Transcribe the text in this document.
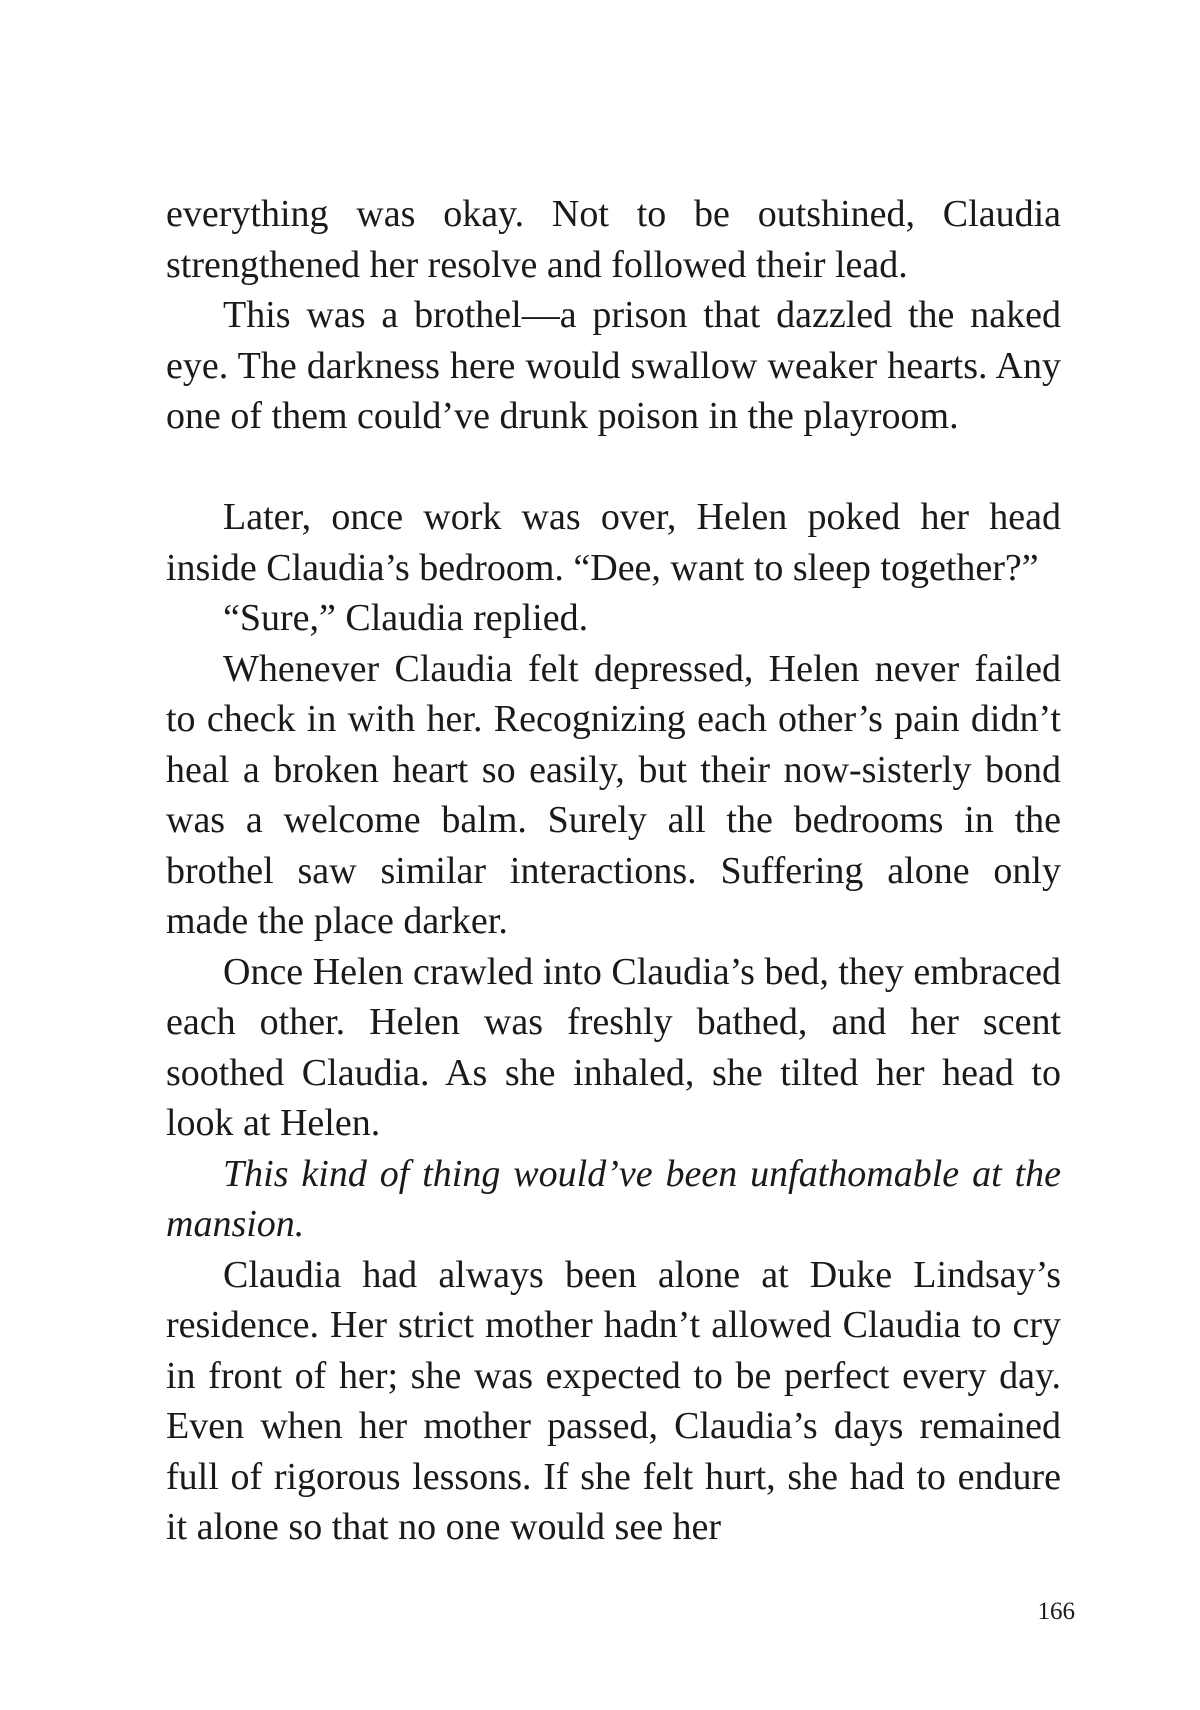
everything was okay. Not to be outshined, Claudia strengthened her resolve and followed their lead.

This was a brothel—a prison that dazzled the naked eye. The darkness here would swallow weaker hearts. Any one of them could’ve drunk poison in the playroom.

Later, once work was over, Helen poked her head inside Claudia’s bedroom. “Dee, want to sleep together?”

“Sure,” Claudia replied.

Whenever Claudia felt depressed, Helen never failed to check in with her. Recognizing each other’s pain didn’t heal a broken heart so easily, but their now-sisterly bond was a welcome balm. Surely all the bedrooms in the brothel saw similar interactions. Suffering alone only made the place darker.

Once Helen crawled into Claudia’s bed, they embraced each other. Helen was freshly bathed, and her scent soothed Claudia. As she inhaled, she tilted her head to look at Helen.

This kind of thing would’ve been unfathomable at the mansion.

Claudia had always been alone at Duke Lindsay’s residence. Her strict mother hadn’t allowed Claudia to cry in front of her; she was expected to be perfect every day. Even when her mother passed, Claudia’s days remained full of rigorous lessons. If she felt hurt, she had to endure it alone so that no one would see her

166
